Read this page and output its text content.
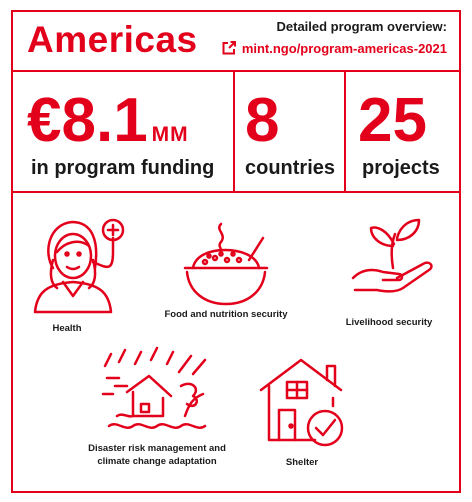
Americas	Detailed program overview:
mint.ngo/program-americas-2021
€8.1 MM
in program funding
8
countries
25
projects
Health
Food and nutrition security
Livelihood security
Disaster risk management and climate change adaptation	Shelter
